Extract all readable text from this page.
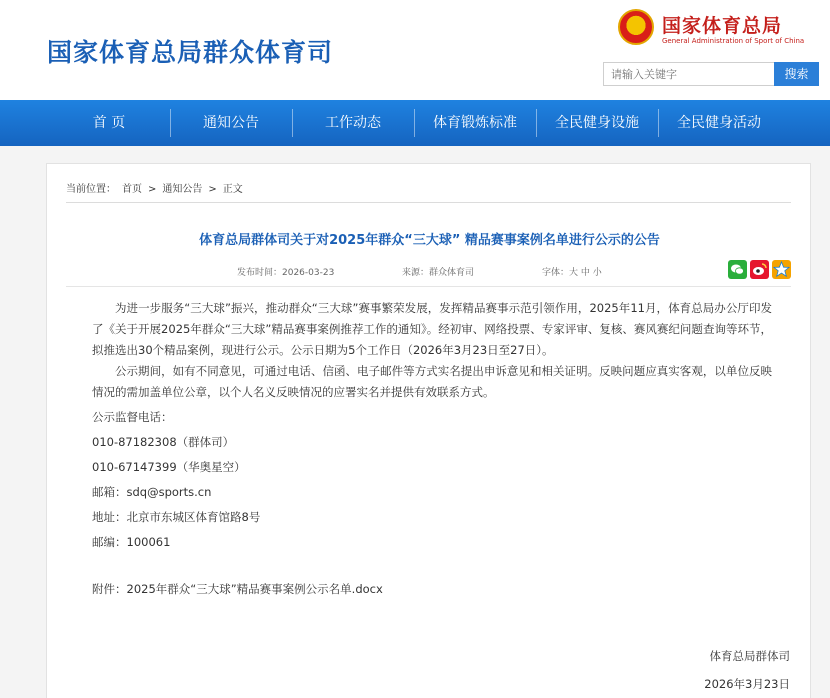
国家体育总局群众体育司
★ 国家体育总局
General Administration of Sport of China
请输入关键字
搜索
首 页	通知公告	工作动态	体育锻炼标准	全民健身设施	全民健身活动
当前位置： 首页 > 通知公告 > 正文
体育总局群体司关于对2025年群众“三大球” 精品赛事案例名单进行公示的公告
发布时间：2026-03-23	来源：群众体育司	字体：大 中 小

为进一步服务“三大球”振兴，推动群众“三大球”赛事繁荣发展，发挥精品赛事示范引领作用，2025年11月，体育总局办公厅印发了《关于开展2025年群众“三大球”精品赛事案例推荐工作的通知》。经初审、网络投票、专家评审、复核、赛风赛纪问题查询等环节，拟推选出30个精品案例，现进行公示。公示日期为5个工作日（2026年3月23日至27日）。

公示期间，如有不同意见，可通过电话、信函、电子邮件等方式实名提出申诉意见和相关证明。反映问题应真实客观，以单位反映情况的需加盖单位公章，以个人名义反映情况的应署实名并提供有效联系方式。

公示监督电话：
010-87182308（群体司）
010-67147399（华奥星空）
邮箱：sdq@sports.cn
地址：北京市东城区体育馆路8号
邮编：100061
附件：2025年群众“三大球”精品赛事案例公示名单.docx
体育总局群体司
2026年3月23日
